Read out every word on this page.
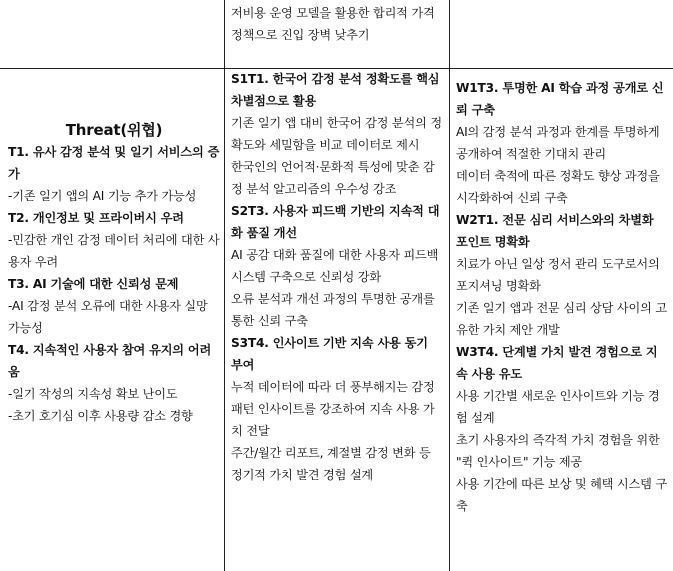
저비용 운영 모델을 활용한 합리적 가격 정책으로 진입 장벽 낮추기

Threat(위협)

T1. 유사 감정 분석 및 일기 서비스의 증가

-기존 일기 앱의 AI 기능 추가 가능성

T2. 개인정보 및 프라이버시 우려

-민감한 개인 감정 데이터 처리에 대한 사용자 우려

T3. AI 기술에 대한 신뢰성 문제

-AI 감정 분석 오류에 대한 사용자 실망 가능성

T4. 지속적인 사용자 참여 유지의 어려움

-일기 작성의 지속성 확보 난이도

-초기 호기심 이후 사용량 감소 경향

S1T1. 한국어 감정 분석 정확도를 핵심 차별점으로 활용

기존 일기 앱 대비 한국어 감정 분석의 정확도와 세밀함을 비교 데이터로 제시

한국인의 언어적·문화적 특성에 맞춘 감정 분석 알고리즘의 우수성 강조

S2T3. 사용자 피드백 기반의 지속적 대화 품질 개선

AI 공감 대화 품질에 대한 사용자 피드백 시스템 구축으로 신뢰성 강화

오류 분석과 개선 과정의 투명한 공개를 통한 신뢰 구축

S3T4. 인사이트 기반 지속 사용 동기 부여

누적 데이터에 따라 더 풍부해지는 감정 패턴 인사이트를 강조하여 지속 사용 가치 전달

주간/월간 리포트, 계절별 감정 변화 등 정기적 가치 발견 경험 설계

W1T3. 투명한 AI 학습 과정 공개로 신뢰 구축

AI의 감정 분석 과정과 한계를 투명하게 공개하여 적절한 기대치 관리

데이터 축적에 따른 정확도 향상 과정을 시각화하여 신뢰 구축

W2T1. 전문 심리 서비스와의 차별화 포인트 명확화

치료가 아닌 일상 정서 관리 도구로서의 포지셔닝 명확화

기존 일기 앱과 전문 심리 상담 사이의 고유한 가치 제안 개발

W3T4. 단계별 가치 발견 경험으로 지속 사용 유도

사용 기간별 새로운 인사이트와 기능 경험 설계

초기 사용자의 즉각적 가치 경험을 위한 "퀵 인사이트" 기능 제공

사용 기간에 따른 보상 및 혜택 시스템 구축
